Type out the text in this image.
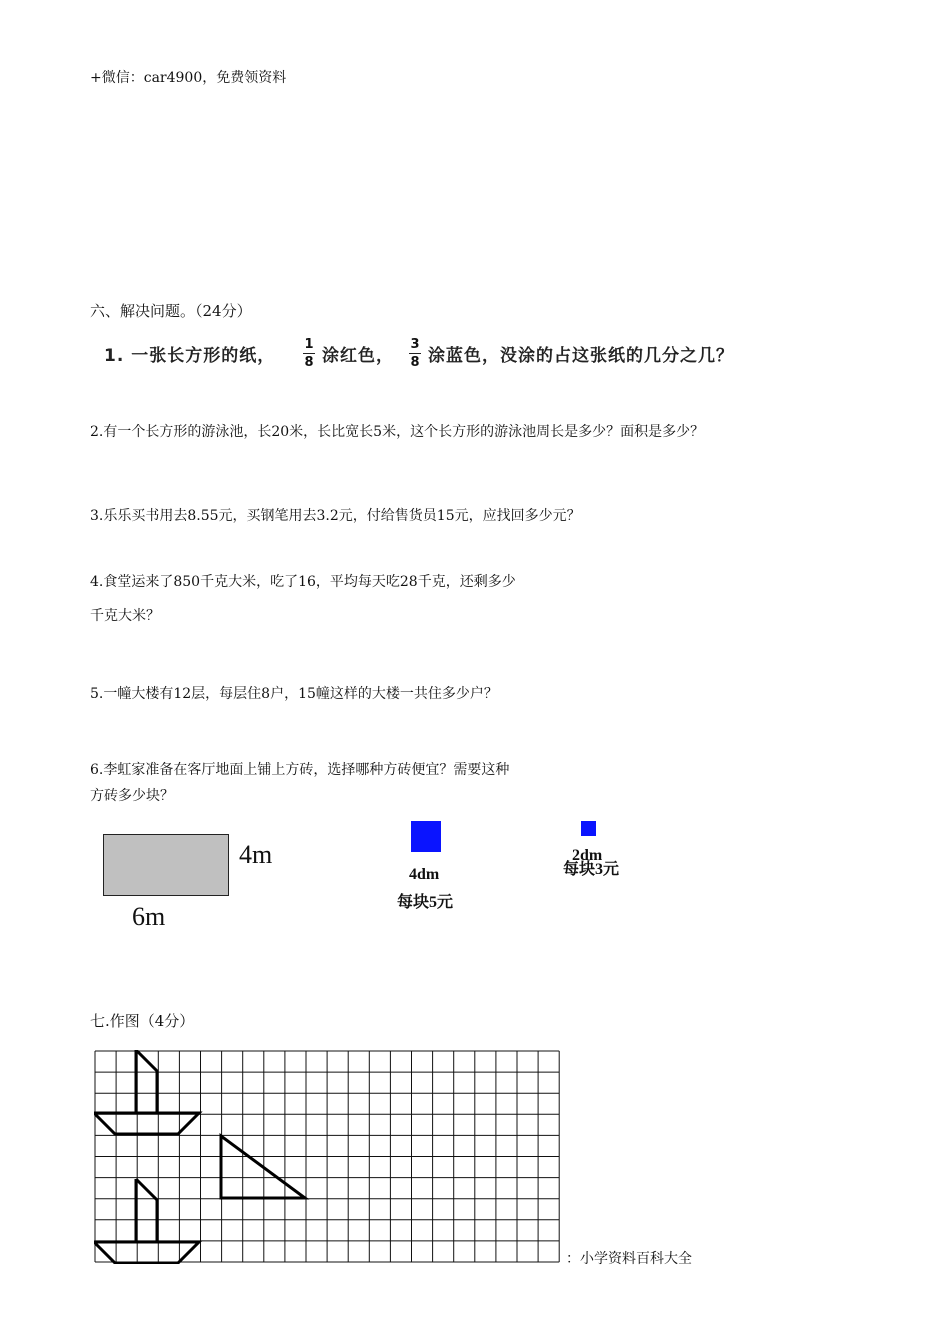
+微信：car4900，免费领资料
六、解决问题。（24分）
1. 一张长方形的纸，
1
8 涂红色，
3
8 涂蓝色，没涂的占这张纸的几分之几？
2.有一个长方形的游泳池，长20米，长比宽长5米，这个长方形的游泳池周长是多少？面积是多少？
3.乐乐买书用去8.55元，买钢笔用去3.2元，付给售货员15元，应找回多少元？
4.食堂运来了850千克大米，吃了16，平均每天吃28千克，还剩多少
千克大米？
5.一幢大楼有12层，每层住8户，15幢这样的大楼一共住多少户？
6.李虹家准备在客厅地面上铺上方砖，选择哪种方砖便宜？需要这种
方砖多少块？
4m
6m
4dm
每块5元
2dm
每块3元
七.作图（4分）
：小学资料百科大全
